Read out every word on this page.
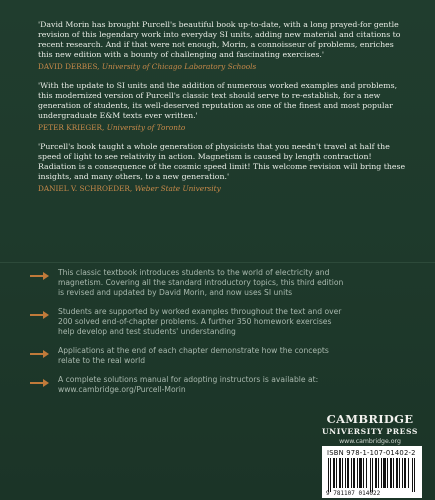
'David Morin has brought Purcell's beautiful book up-to-date, with a long prayed-for gentle revision of this legendary work into everyday SI units, adding new material and citations to recent research. And if that were not enough, Morin, a connoisseur of problems, enriches this new edition with a bounty of challenging and fascinating exercises.'

DAVID DERBES, University of Chicago Laboratory Schools

'With the update to SI units and the addition of numerous worked examples and problems, this modernized version of Purcell's classic text should serve to re-establish, for a new generation of students, its well-deserved reputation as one of the finest and most popular undergraduate E&M texts ever written.'

PETER KRIEGER, University of Toronto

'Purcell's book taught a whole generation of physicists that you needn't travel at half the speed of light to see relativity in action. Magnetism is caused by length contraction! Radiation is a consequence of the cosmic speed limit! This welcome revision will bring these insights, and many others, to a new generation.'

DANIEL V. SCHROEDER, Weber State University
This classic textbook introduces students to the world of electricity and magnetism. Covering all the standard introductory topics, this third edition is revised and updated by David Morin, and now uses SI units
Students are supported by worked examples throughout the text and over 200 solved end-of-chapter problems. A further 350 homework exercises help develop and test students' understanding
Applications at the end of each chapter demonstrate how the concepts relate to the real world
A complete solutions manual for adopting instructors is available at: www.cambridge.org/Purcell-Morin
CAMBRIDGE
UNIVERSITY PRESS
www.cambridge.org
ISBN 978-1-107-01402-2
9 781107 014022
